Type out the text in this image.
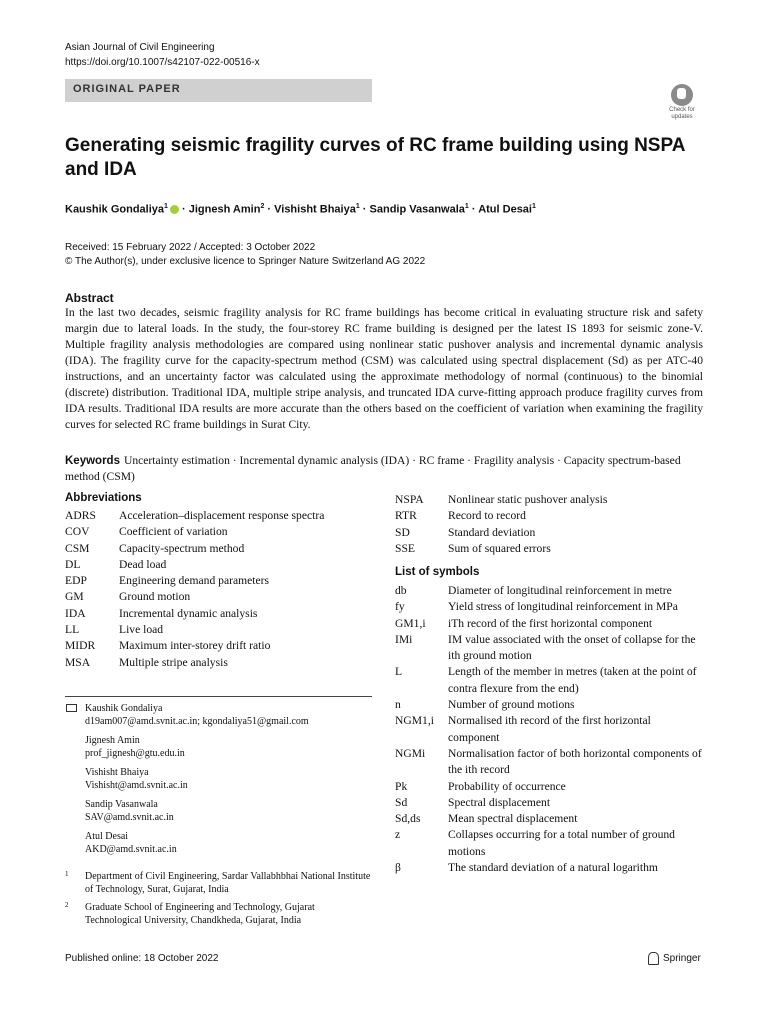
Asian Journal of Civil Engineering
https://doi.org/10.1007/s42107-022-00516-x
ORIGINAL PAPER
Check for
updates
Generating seismic fragility curves of RC frame building using NSPA and IDA
Kaushik Gondaliya$^1$ · Jignesh Amin$^2$ · Vishisht Bhaiya$^1$ · Sandip Vasanwala$^1$ · Atul Desai$^1$
Received: 15 February 2022 / Accepted: 3 October 2022
© The Author(s), under exclusive licence to Springer Nature Switzerland AG 2022
Abstract
In the last two decades, seismic fragility analysis for RC frame buildings has become critical in evaluating structure risk and safety margin due to lateral loads. In the study, the four-storey RC frame building is designed per the latest IS 1893 for seismic zone-V. Multiple fragility analysis methodologies are compared using nonlinear static pushover analysis and incremental dynamic analysis (IDA). The fragility curve for the capacity-spectrum method (CSM) was calculated using spectral displacement (Sd) as per ATC-40 instructions, and an uncertainty factor was calculated using the approximate methodology of normal (continuous) to the binomial (discrete) distribution. Traditional IDA, multiple stripe analysis, and truncated IDA curve-fitting approach produce fragility curves from IDA results. Traditional IDA results are more accurate than the others based on the coefficient of variation when examining the fragility curves for selected RC frame buildings in Surat City.
Keywords Uncertainty estimation · Incremental dynamic analysis (IDA) · RC frame · Fragility analysis · Capacity spectrum-based method (CSM)
Abbreviations
ADRS	Acceleration–displacement response spectra
COV	Coefficient of variation
CSM	Capacity-spectrum method
DL	Dead load
EDP	Engineering demand parameters
GM	Ground motion
IDA	Incremental dynamic analysis
LL	Live load
MIDR	Maximum inter-storey drift ratio
MSA	Multiple stripe analysis
NSPA	Nonlinear static pushover analysis
RTR	Record to record
SD	Standard deviation
SSE	Sum of squared errors
List of symbols
db	Diameter of longitudinal reinforcement in metre
fy	Yield stress of longitudinal reinforcement in MPa
GM1,i	iTh record of the first horizontal component
IMi	IM value associated with the onset of collapse for the ith ground motion
L	Length of the member in metres (taken at the point of contra flexure from the end)
n	Number of ground motions
NGM1,i	Normalised ith record of the first horizontal component
NGMi	Normalisation factor of both horizontal components of the ith record
Pk	Probability of occurrence
Sd	Spectral displacement
Sd,ds	Mean spectral displacement
z	Collapses occurring for a total number of ground motions
β	The standard deviation of a natural logarithm
Kaushik Gondaliya
d19am007@amd.svnit.ac.in; kgondaliya51@gmail.com
Jignesh Amin
prof_jignesh@gtu.edu.in
Vishisht Bhaiya
Vishisht@amd.svnit.ac.in
Sandip Vasanwala
SAV@amd.svnit.ac.in
Atul Desai
AKD@amd.svnit.ac.in
1 Department of Civil Engineering, Sardar Vallabhbhai National Institute of Technology, Surat, Gujarat, India
2 Graduate School of Engineering and Technology, Gujarat Technological University, Chandkheda, Gujarat, India
Published online: 18 October 2022	Springer
